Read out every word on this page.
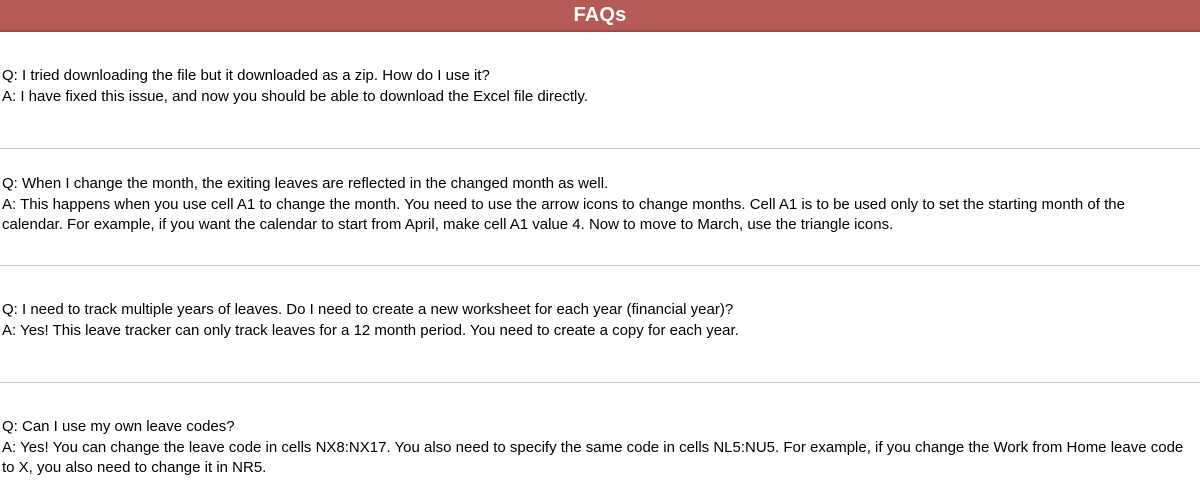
FAQs

Q: I tried downloading the file but it downloaded as a zip. How do I use it?

A: I have fixed this issue, and now you should be able to download the Excel file directly.

Q: When I change the month, the exiting leaves are reflected in the changed month as well.

A: This happens when you use cell A1 to change the month. You need to use the arrow icons to change months. Cell A1 is to be used only to set the starting month of the calendar. For example, if you want the calendar to start from April, make cell A1 value 4. Now to move to March, use the triangle icons.

Q: I need to track multiple years of leaves. Do I need to create a new worksheet for each year (financial year)?

A: Yes! This leave tracker can only track leaves for a 12 month period. You need to create a copy for each year.

Q: Can I use my own leave codes?

A: Yes! You can change the leave code in cells NX8:NX17. You also need to specify the same code in cells NL5:NU5. For example, if you change the Work from Home leave code to X, you also need to change it in NR5.
